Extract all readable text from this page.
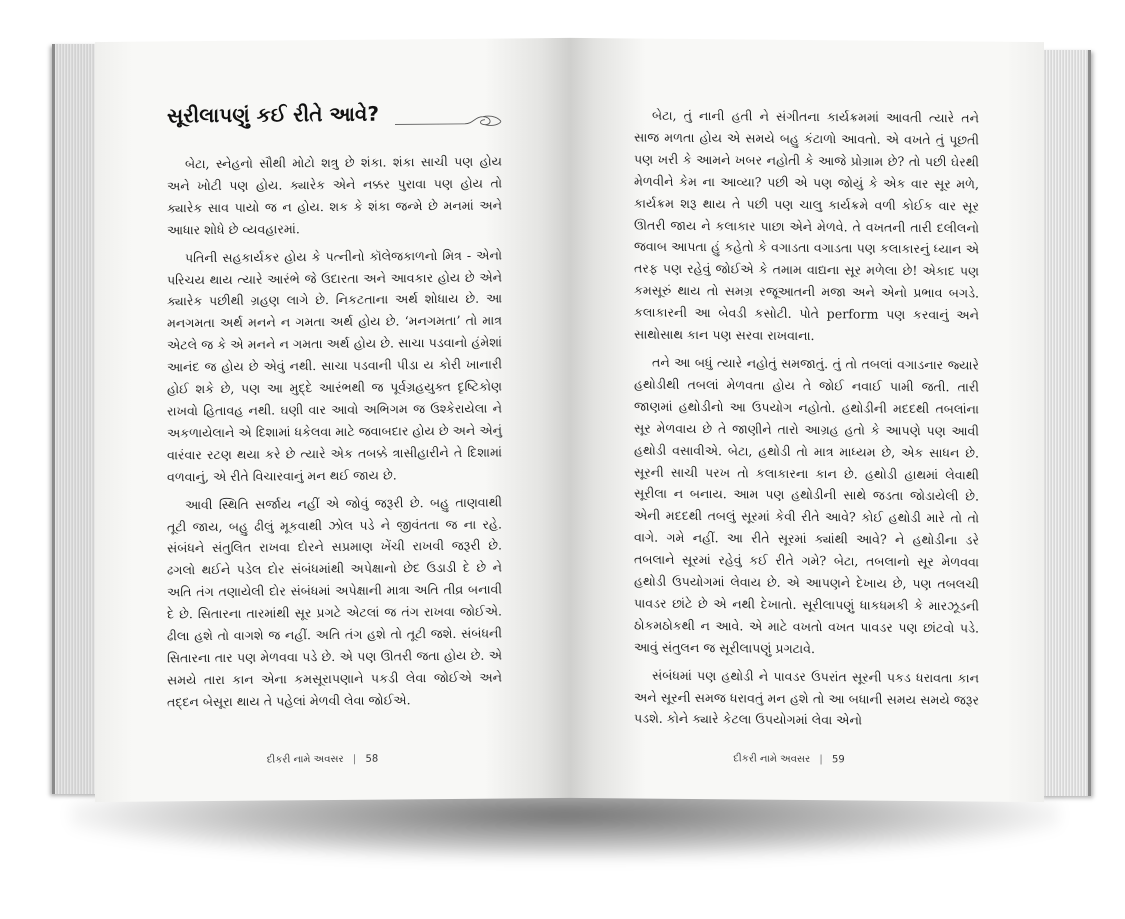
સૂરીલાપણું કઈ રીતે આવે?

બેટા, સ્નેહનો સૌથી મોટો શત્રુ છે શંકા. શંકા સાચી પણ હોય અને ખોટી પણ હોય. ક્યારેક એને નક્કર પુરાવા પણ હોય તો ક્યારેક સાવ પાયો જ ન હોય. શક કે શંકા જન્મે છે મનમાં અને આધાર શોધે છે વ્યવહારમાં.

પતિની સહકાર્યકર હોય કે પત્નીનો કૉલેજકાળનો મિત્ર - એનો પરિચય થાય ત્યારે આરંભે જે ઉદારતા અને આવકાર હોય છે એને ક્યારેક પછીથી ગ્રહણ લાગે છે. નિકટતાના અર્થ શોધાય છે. આ મનગમતા અર્થ મનને ન ગમતા અર્થ હોય છે. ‘મનગમતા’ તો માત્ર એટલે જ કે એ મનને ન ગમતા અર્થ હોય છે. સાચા પડવાનો હંમેશાં આનંદ જ હોય છે એવું નથી. સાચા પડવાની પીડા ય કોરી ખાનારી હોઈ શકે છે, પણ આ મુદ્દે આરંભથી જ પૂર્વગ્રહયુક્ત દૃષ્ટિકોણ રાખવો હિતાવહ નથી. ઘણી વાર આવો અભિગમ જ ઉશ્કેરાયેલા ને અકળાયેલાને એ દિશામાં ધકેલવા માટે જવાબદાર હોય છે અને એનું વારંવાર રટણ થયા કરે છે ત્યારે એક તબક્કે ત્રાસીહારીને તે દિશામાં વળવાનું, એ રીતે વિચારવાનું મન થઈ જાય છે.

આવી સ્થિતિ સર્જાય નહીં એ જોવું જરૂરી છે. બહુ તાણવાથી તૂટી જાય, બહુ ઢીલું મૂકવાથી ઝોલ પડે ને જીવંતતા જ ના રહે. સંબંધને સંતુલિત રાખવા દોરને સપ્રમાણ ખેંચી રાખવી જરૂરી છે. ઢગલો થઈને પડેલ દોર સંબંધમાંથી અપેક્ષાનો છેદ ઉડાડી દે છે ને અતિ તંગ તણાયેલી દોર સંબંધમાં અપેક્ષાની માત્રા અતિ તીવ્ર બનાવી દે છે. સિતારના તારમાંથી સૂર પ્રગટે એટલાં જ તંગ રાખવા જોઈએ. ઢીલા હશે તો વાગશે જ નહીં. અતિ તંગ હશે તો તૂટી જશે. સંબંધની સિતારના તાર પણ મેળવવા પડે છે. એ પણ ઊતરી જતા હોય છે. એ સમયે તારા કાન એના કમસૂરાપણાને પકડી લેવા જોઈએ અને તદ્દન બેસૂરા થાય તે પહેલાં મેળવી લેવા જોઈએ.

દીકરી નામે અવસર | 58

બેટા, તું નાની હતી ને સંગીતના કાર્યક્રમમાં આવતી ત્યારે તને સાજ મળતા હોય એ સમયે બહુ કંટાળો આવતો. એ વખતે તું પૂછતી પણ ખરી કે આમને ખબર નહોતી કે આજે પ્રોગ્રામ છે? તો પછી ઘેરથી મેળવીને કેમ ના આવ્યા? પછી એ પણ જોયું કે એક વાર સૂર મળે, કાર્યક્રમ શરૂ થાય તે પછી પણ ચાલુ કાર્યક્રમે વળી કોઈક વાર સૂર ઊતરી જાય ને કલાકાર પાછા એને મેળવે. તે વખતની તારી દલીલનો જવાબ આપતા હું કહેતો કે વગાડતા વગાડતા પણ કલાકારનું ધ્યાન એ તરફ પણ રહેવું જોઈએ કે તમામ વાદ્યના સૂર મળેલા છે! એકાદ પણ કમસૂરું થાય તો સમગ્ર રજૂઆતની મજા અને એનો પ્રભાવ બગડે. કલાકારની આ બેવડી કસોટી. પોતે perform પણ કરવાનું અને સાથોસાથ કાન પણ સરવા રાખવાના.

તને આ બધું ત્યારે નહોતું સમજાતું. તું તો તબલાં વગાડનાર જ્યારે હથોડીથી તબલાં મેળવતા હોય તે જોઈ નવાઈ પામી જતી. તારી જાણમાં હથોડીનો આ ઉપયોગ નહોતો. હથોડીની મદદથી તબલાંના સૂર મેળવાય છે તે જાણીને તારો આગ્રહ હતો કે આપણે પણ આવી હથોડી વસાવીએ. બેટા, હથોડી તો માત્ર માધ્યમ છે, એક સાધન છે. સૂરની સાચી પરખ તો કલાકારના કાન છે. હથોડી હાથમાં લેવાથી સૂરીલા ન બનાય. આમ પણ હથોડીની સાથે જડતા જોડાયેલી છે. એની મદદથી તબલું સૂરમાં કેવી રીતે આવે? કોઈ હથોડી મારે તો તો વાગે. ગમે નહીં. આ રીતે સૂરમાં ક્યાંથી આવે? ને હથોડીના ડરે તબલાને સૂરમાં રહેવું કઈ રીતે ગમે? બેટા, તબલાનો સૂર મેળવવા હથોડી ઉપયોગમાં લેવાય છે. એ આપણને દેખાય છે, પણ તબલચી પાવડર છાંટે છે એ નથી દેખાતો. સૂરીલાપણું ધાકધમકી કે મારઝૂડની ઠોકમઠોકથી ન આવે. એ માટે વખતો વખત પાવડર પણ છાંટવો પડે. આવું સંતુલન જ સૂરીલાપણું પ્રગટાવે.

સંબંધમાં પણ હથોડી ને પાવડર ઉપરાંત સૂરની પકડ ધરાવતા કાન અને સૂરની સમજ ધરાવતું મન હશે તો આ બધાની સમય સમયે જરૂર પડશે. કોને ક્યારે કેટલા ઉપયોગમાં લેવા એનો

દીકરી નામે અવસર | 59
